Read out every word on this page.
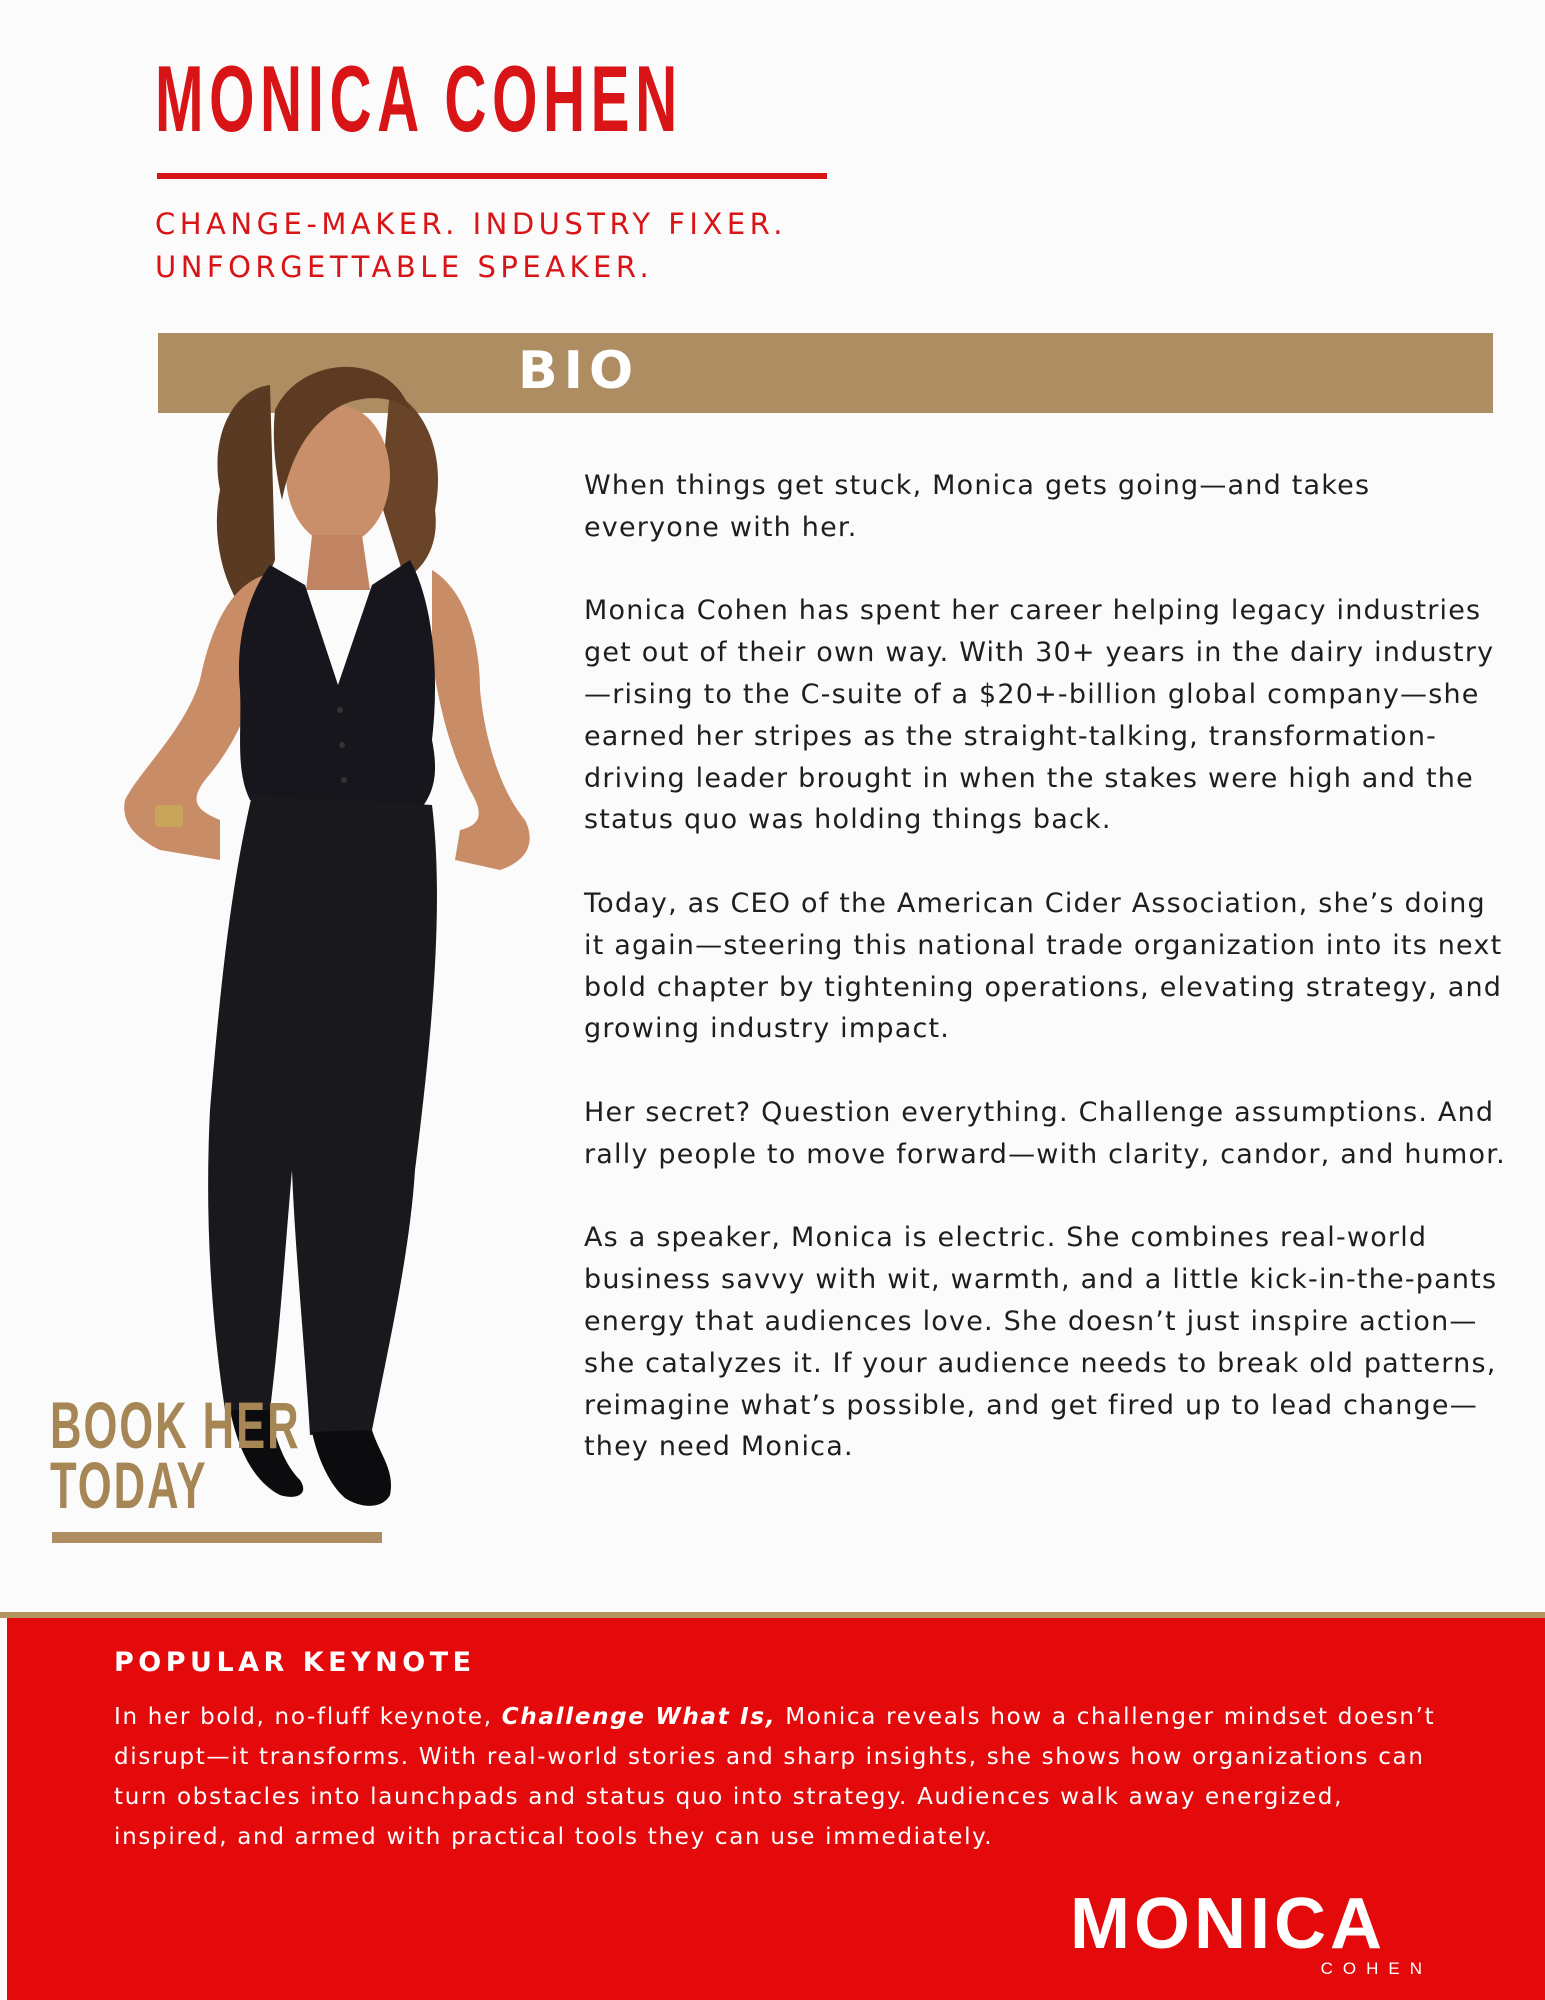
MONICA COHEN
CHANGE-MAKER. INDUSTRY FIXER.
UNFORGETTABLE SPEAKER.
BIO

When things get stuck, Monica gets going—and takes everyone with her.

Monica Cohen has spent her career helping legacy industries get out of their own way. With 30+ years in the dairy industry—rising to the C-suite of a $20+-billion global company—she earned her stripes as the straight-talking, transformation-driving leader brought in when the stakes were high and the status quo was holding things back.

Today, as CEO of the American Cider Association, she’s doing it again—steering this national trade organization into its next bold chapter by tightening operations, elevating strategy, and growing industry impact.

Her secret? Question everything. Challenge assumptions. And rally people to move forward—with clarity, candor, and humor.

As a speaker, Monica is electric. She combines real-world business savvy with wit, warmth, and a little kick-in-the-pants energy that audiences love. She doesn’t just inspire action—she catalyzes it. If your audience needs to break old patterns, reimagine what’s possible, and get fired up to lead change—they need Monica.

BOOK HER
TODAY
POPULAR KEYNOTE
In her bold, no-fluff keynote, Challenge What Is, Monica reveals how a challenger mindset doesn’t disrupt—it transforms. With real-world stories and sharp insights, she shows how organizations can turn obstacles into launchpads and status quo into strategy. Audiences walk away energized, inspired, and armed with practical tools they can use immediately.
MONICA
COHEN
